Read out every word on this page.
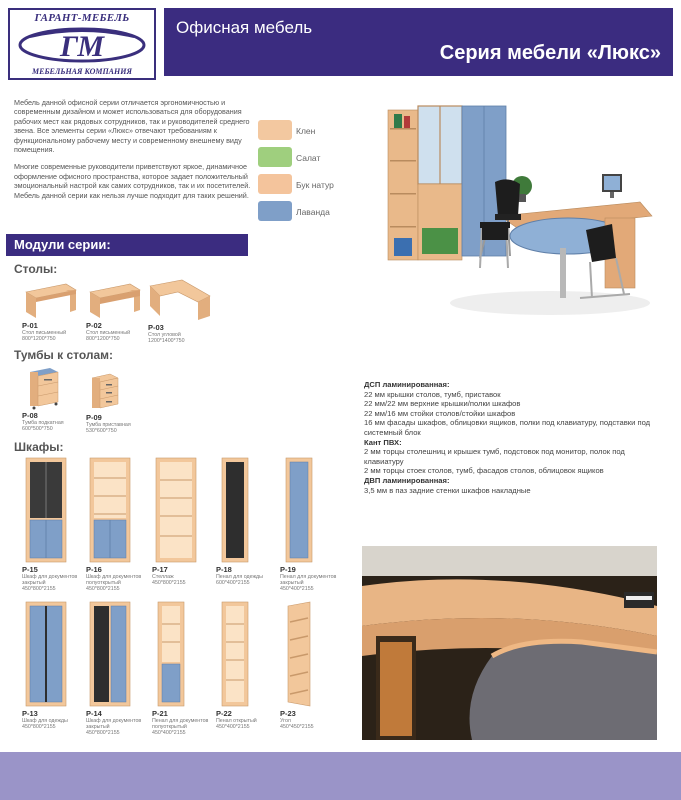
ГАРАНТ-МЕБЕЛЬ
ГМ
МЕБЕЛЬНАЯ КОМПАНИЯ
Офисная мебель
Серия мебели «Люкс»

Мебель данной офисной серии отличается эргономичностью и современным дизайном и может использоваться для оборудования рабочих мест как рядовых сотрудников, так и руководителей среднего звена. Все элементы серии «Люкс» отвечают требованиям к функциональному рабочему месту и современному внешнему виду помещения.

Многие современные руководители приветствуют яркое, динамичное оформление офисного пространства, которое задает положительный эмоциональный настрой как самих сотрудников, так и их посетителей. Мебель данной серии как нельзя лучше подходит для таких решений.

Клен
Салат
Бук натур
Лаванда
Модули серии:
Столы:
Р-01
Стол письменный
800*1200*750
Р-02
Стол письменный
800*1200*750
Р-03
Стол угловой
1200*1400*750
Тумбы к столам:
Р-08
Тумба подкатная
600*500*750
Р-09
Тумба приставная
530*600*750
Шкафы:
Р-15
Шкаф для документов закрытый
450*800*2155
Р-16
Шкаф для документов полуоткрытый
450*800*2155
Р-17
Стеллаж
450*800*2155
Р-18
Пенал для одежды
600*400*2155
Р-19
Пенал для документов закрытый
450*400*2155
Р-13
Шкаф для одежды
450*800*2155
Р-14
Шкаф для документов закрытый
450*800*2155
Р-21
Пенал для документов полуоткрытый
450*400*2155
Р-22
Пенал открытый
450*400*2155
Р-23
Угол
450*450*2155
ДСП ламинированная:
22 мм крышки столов, тумб, приставок
22 мм/22 мм верхние крышки/полки шкафов
22 мм/16 мм стойки столов/стойки шкафов
16 мм фасады шкафов, облицовки ящиков, полки под клавиатуру, подставки под системный блок
Кант ПВХ:
2 мм торцы столешниц и крышек тумб, подстовок под монитор, полок под клавиатуру
2 мм торцы стоек столов, тумб, фасадов столов, облицовок ящиков
ДВП ламинированная:
3,5 мм в паз задние стенки шкафов накладные
